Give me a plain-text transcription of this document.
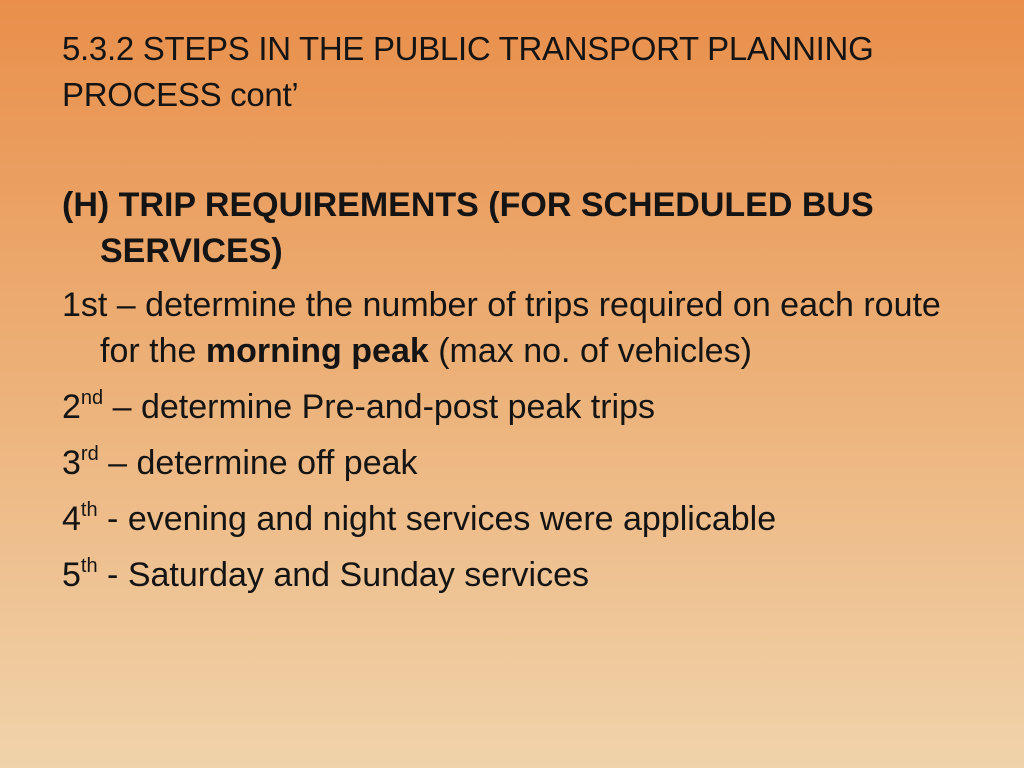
5.3.2 STEPS IN THE PUBLIC TRANSPORT PLANNING
PROCESS cont’
(H) TRIP REQUIREMENTS (FOR SCHEDULED BUS SERVICES)
1st – determine the number of trips required on each route for the morning peak (max no. of vehicles)
2nd – determine Pre-and-post peak trips
3rd – determine off peak
4th - evening and night services were applicable
5th - Saturday and Sunday services
